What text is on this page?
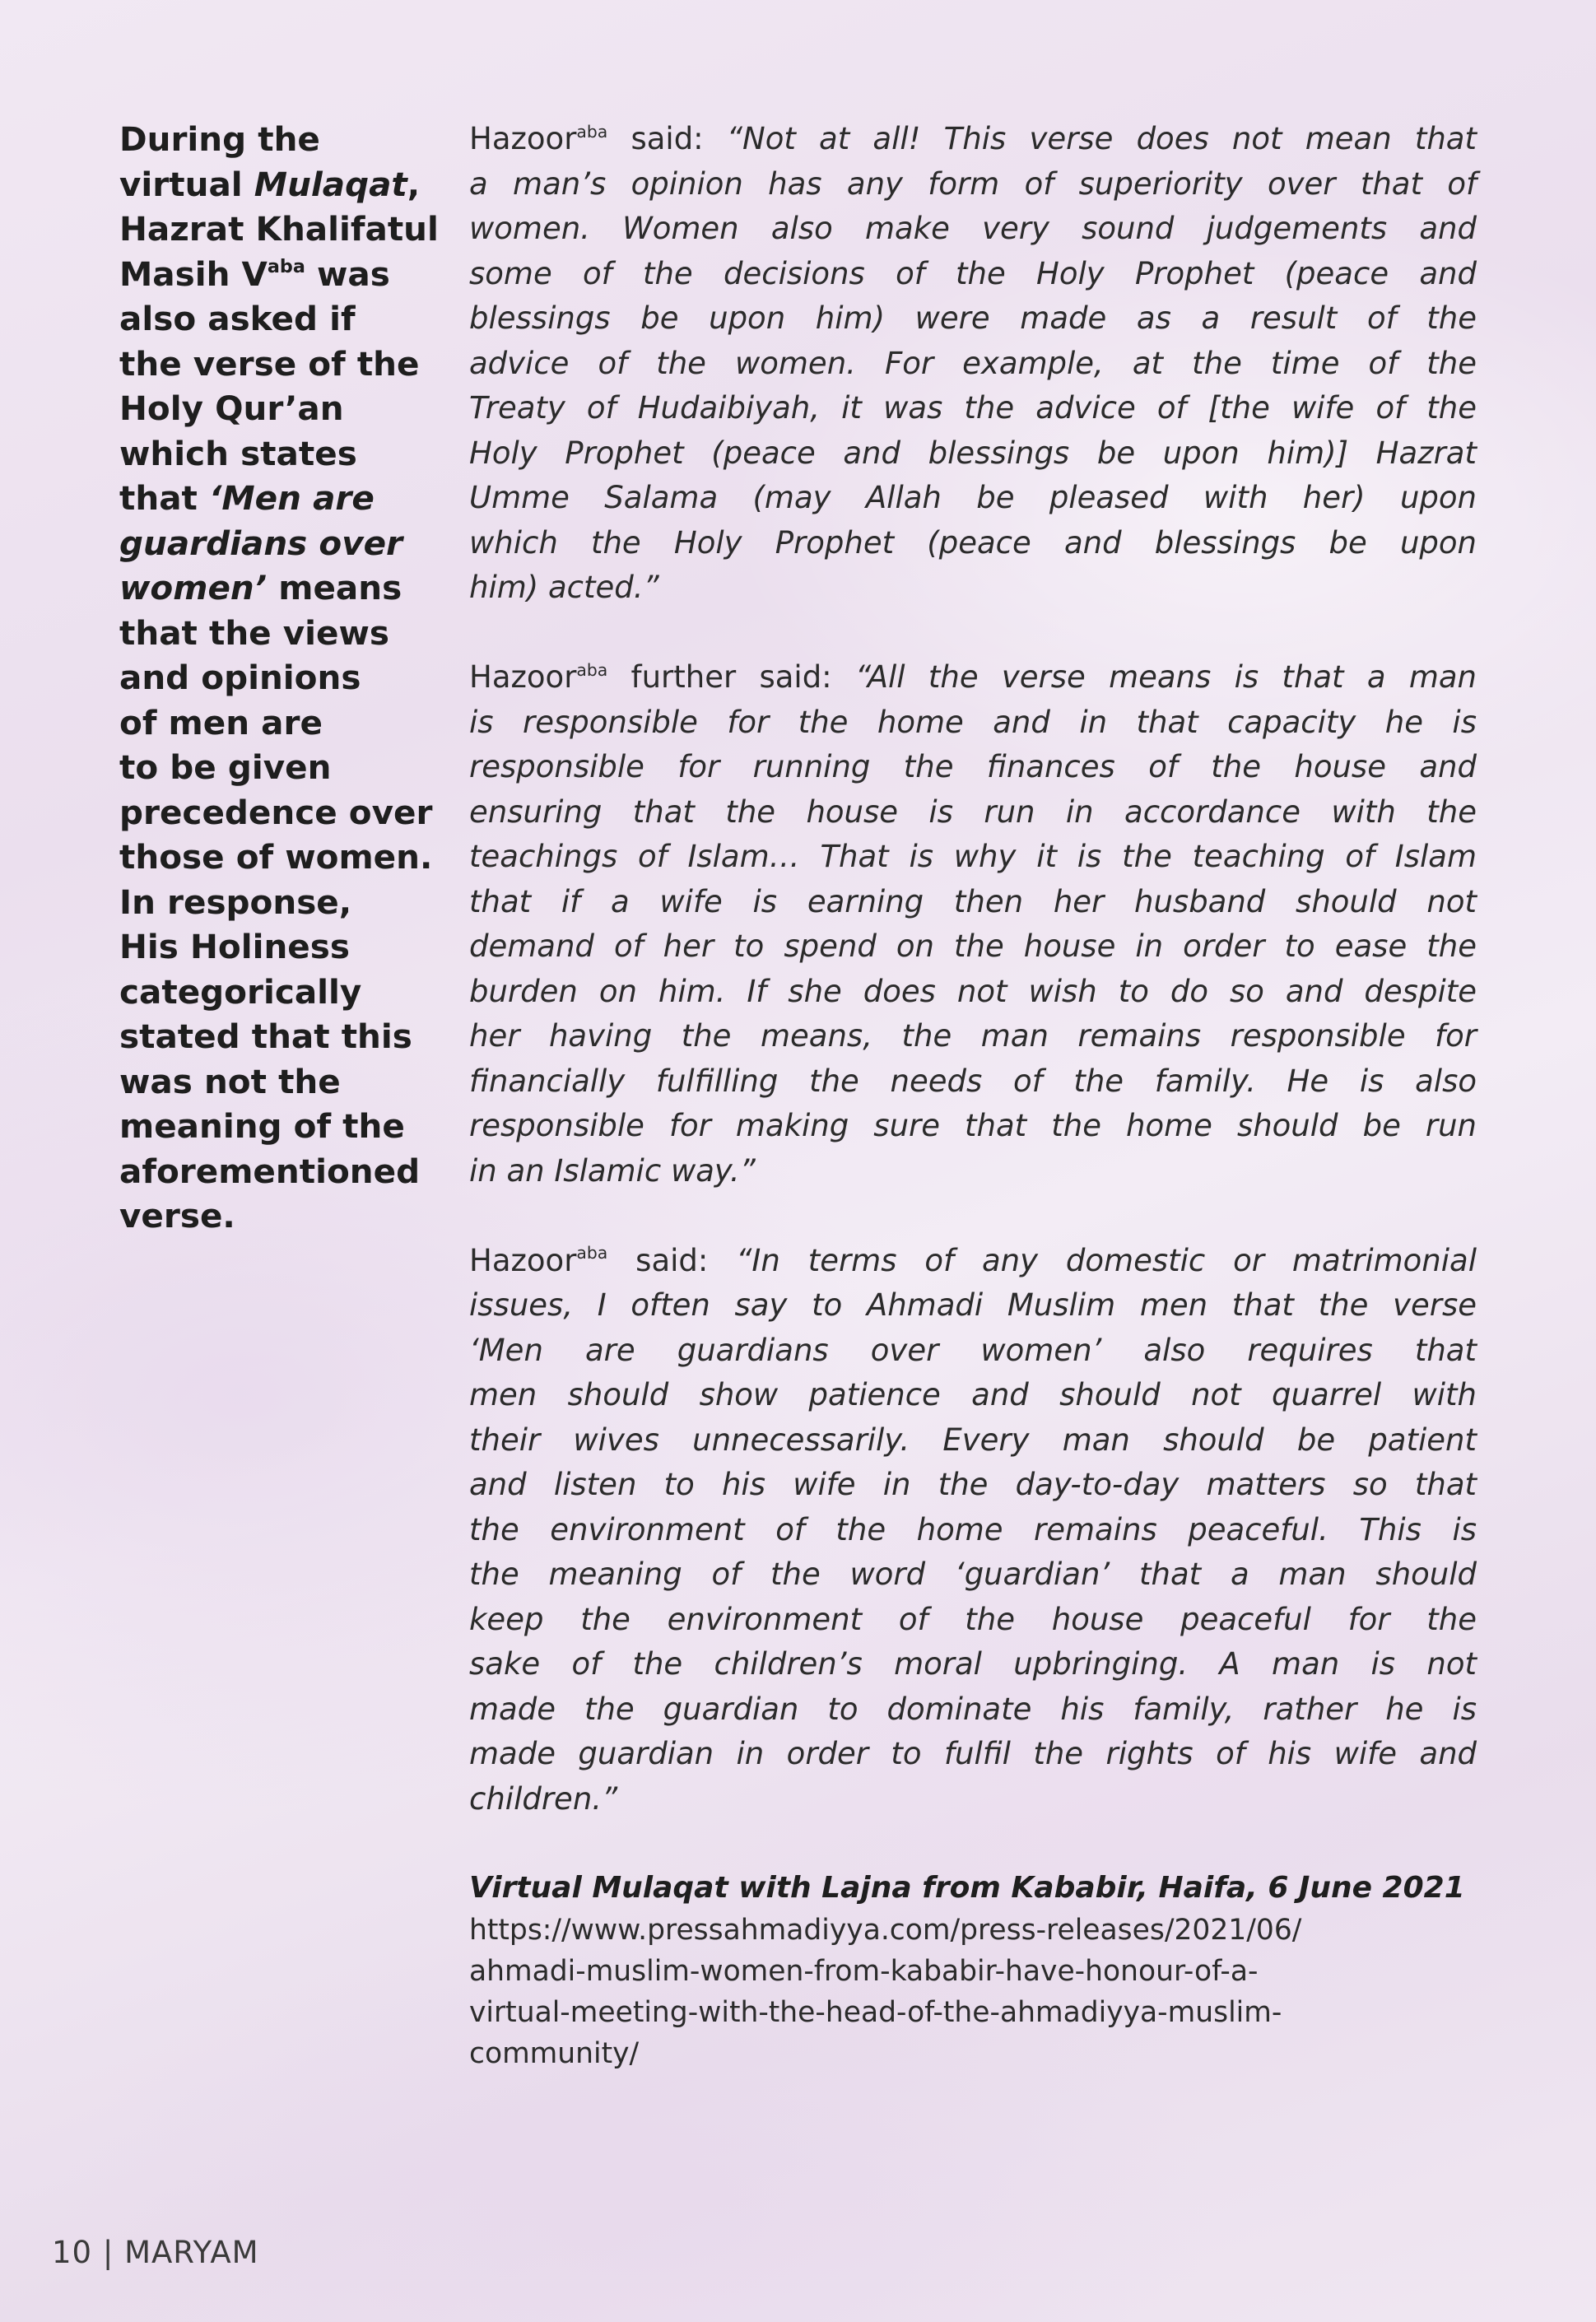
During the
virtual Mulaqat,
Hazrat Khalifatul
Masih $V^{aba}$ was
also asked if
the verse of the
Holy Qur’an
which states
that ‘Men are
guardians over
women’ means
that the views
and opinions
of men are
to be given
precedence over
those of women.
In response,
His Holiness
categorically
stated that this
was not the
meaning of the
aforementioned
verse.
Hazoor$^{aba}$ said: “Not at all! This verse does not mean that
a man’s opinion has any form of superiority over that of
women. Women also make very sound judgements and
some of the decisions of the Holy Prophet (peace and
blessings be upon him) were made as a result of the
advice of the women. For example, at the time of the
Treaty of Hudaibiyah, it was the advice of [the wife of the
Holy Prophet (peace and blessings be upon him)] Hazrat
Umme Salama (may Allah be pleased with her) upon
which the Holy Prophet (peace and blessings be upon
him) acted.”
Hazoor$^{aba}$ further said: “All the verse means is that a man
is responsible for the home and in that capacity he is
responsible for running the finances of the house and
ensuring that the house is run in accordance with the
teachings of Islam… That is why it is the teaching of Islam
that if a wife is earning then her husband should not
demand of her to spend on the house in order to ease the
burden on him. If she does not wish to do so and despite
her having the means, the man remains responsible for
financially fulfilling the needs of the family. He is also
responsible for making sure that the home should be run
in an Islamic way.”
Hazoor$^{aba}$ said: “In terms of any domestic or matrimonial
issues, I often say to Ahmadi Muslim men that the verse
‘Men are guardians over women’ also requires that
men should show patience and should not quarrel with
their wives unnecessarily. Every man should be patient
and listen to his wife in the day-to-day matters so that
the environment of the home remains peaceful. This is
the meaning of the word ‘guardian’ that a man should
keep the environment of the house peaceful for the
sake of the children’s moral upbringing. A man is not
made the guardian to dominate his family, rather he is
made guardian in order to fulfil the rights of his wife and
children.”
Virtual Mulaqat with Lajna from Kababir, Haifa, 6 June 2021
https://www.pressahmadiyya.com/press-releases/2021/06/
ahmadi-muslim-women-from-kababir-have-honour-of-a-
virtual-meeting-with-the-head-of-the-ahmadiyya-muslim-
community/
10 | MARYAM
